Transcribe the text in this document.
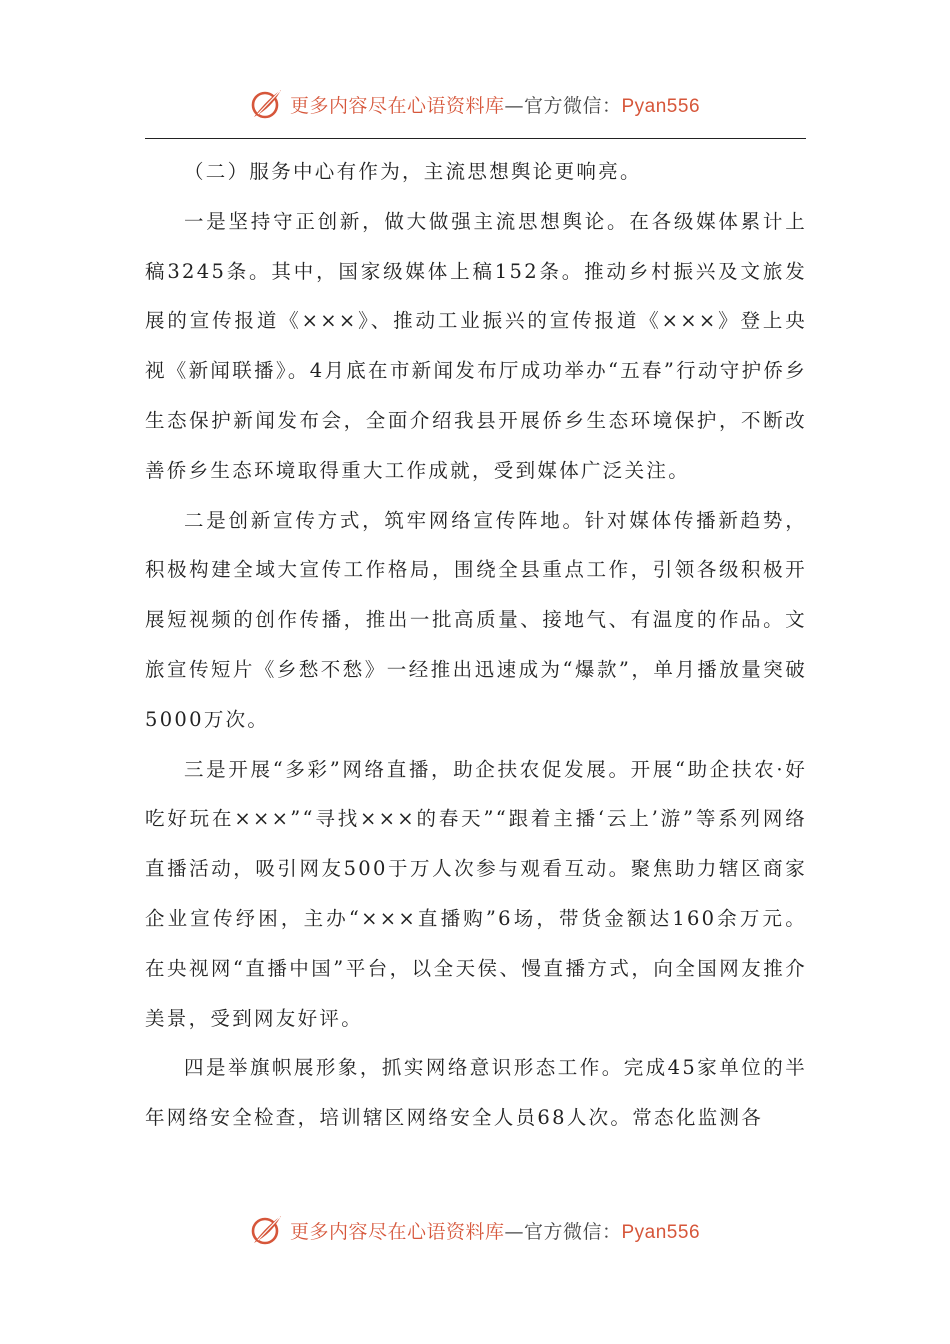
更多内容尽在心语资料库—官方微信：Pyan556

（二）服务中心有作为，主流思想舆论更响亮。

一是坚持守正创新，做大做强主流思想舆论。在各级媒体累计上稿3245条。其中，国家级媒体上稿152条。推动乡村振兴及文旅发展的宣传报道《×××》、推动工业振兴的宣传报道《×××》登上央视《新闻联播》。4月底在市新闻发布厅成功举办“五春”行动守护侨乡生态保护新闻发布会，全面介绍我县开展侨乡生态环境保护，不断改善侨乡生态环境取得重大工作成就，受到媒体广泛关注。

二是创新宣传方式，筑牢网络宣传阵地。针对媒体传播新趋势，积极构建全域大宣传工作格局，围绕全县重点工作，引领各级积极开展短视频的创作传播，推出一批高质量、接地气、有温度的作品。文旅宣传短片《乡愁不愁》一经推出迅速成为“爆款”，单月播放量突破5000万次。

三是开展“多彩”网络直播，助企扶农促发展。开展“助企扶农·好吃好玩在×××”“寻找×××的春天”“跟着主播‘云上’游”等系列网络直播活动，吸引网友500于万人次参与观看互动。聚焦助力辖区商家企业宣传纾困，主办“×××直播购”6场，带货金额达160余万元。在央视网“直播中国”平台，以全天侯、慢直播方式，向全国网友推介美景，受到网友好评。

四是举旗帜展形象，抓实网络意识形态工作。完成45家单位的半年网络安全检查，培训辖区网络安全人员68人次。常态化监测各

更多内容尽在心语资料库—官方微信：Pyan556
